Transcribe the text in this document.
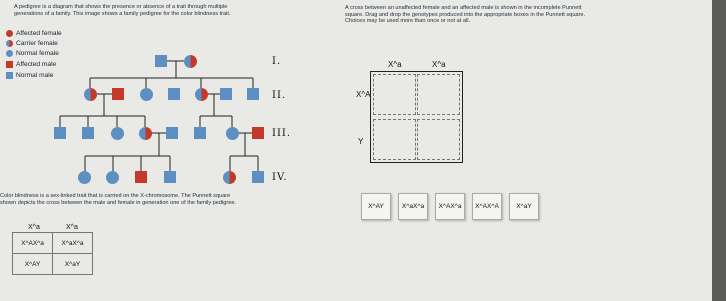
A pedigree is a diagram that shows the presence or absence of a trait through multiple
generations of a family. This image shows a family pedigree for the color blindness trait.
Affected female
Carrier female
Normal female
Affected male
Normal male
I.
II.
III.
IV.
Color blindness is a sex-linked trait that is carried on the X-chromosome. The Punnett square
shown depicts the cross between the male and female in generation one of the family pedigree.
X^a	X^a
X^AX^a	X^aX^a
X^AY	X^aY
A cross between an unaffected female and an affected male is shown in the incomplete Punnett
square. Drag and drop the genotypes produced into the appropriate boxes in the Punnett square.
Choices may be used more than once or not at all.
X^a	X^a
X^A
Y
X^AY	X^aX^a	X^AX^a	X^AX^A	X^aY
